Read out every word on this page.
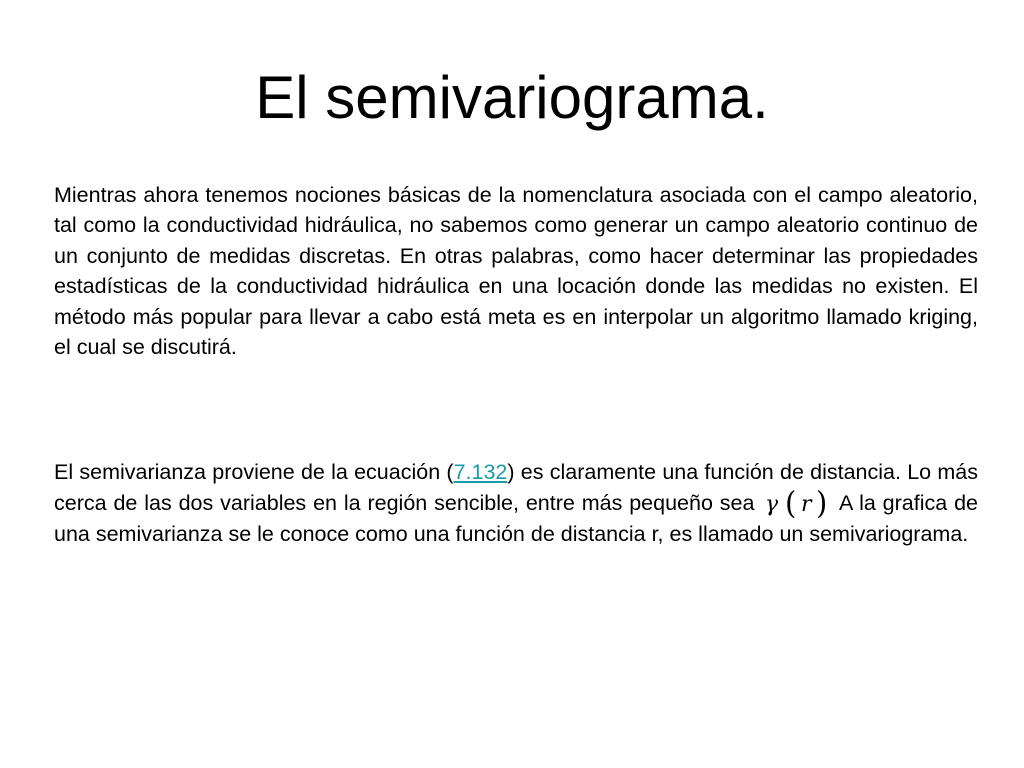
El semivariograma.

Mientras ahora tenemos nociones básicas de la nomenclatura asociada con el campo aleatorio, tal como la conductividad hidráulica, no sabemos como generar un campo aleatorio continuo de un conjunto de medidas discretas. En otras palabras, como hacer determinar las propiedades estadísticas de la conductividad hidráulica en una locación donde las medidas no existen. El método más popular para llevar a cabo está meta es en interpolar un algoritmo llamado kriging, el cual se discutirá.

El semivarianza proviene de la ecuación (7.132) es claramente una función de distancia. Lo más cerca de las dos variables en la región sencible, entre más pequeño sea γ ( r ) A la grafica de una semivarianza se le conoce como una función de distancia r, es llamado un semivariograma.
